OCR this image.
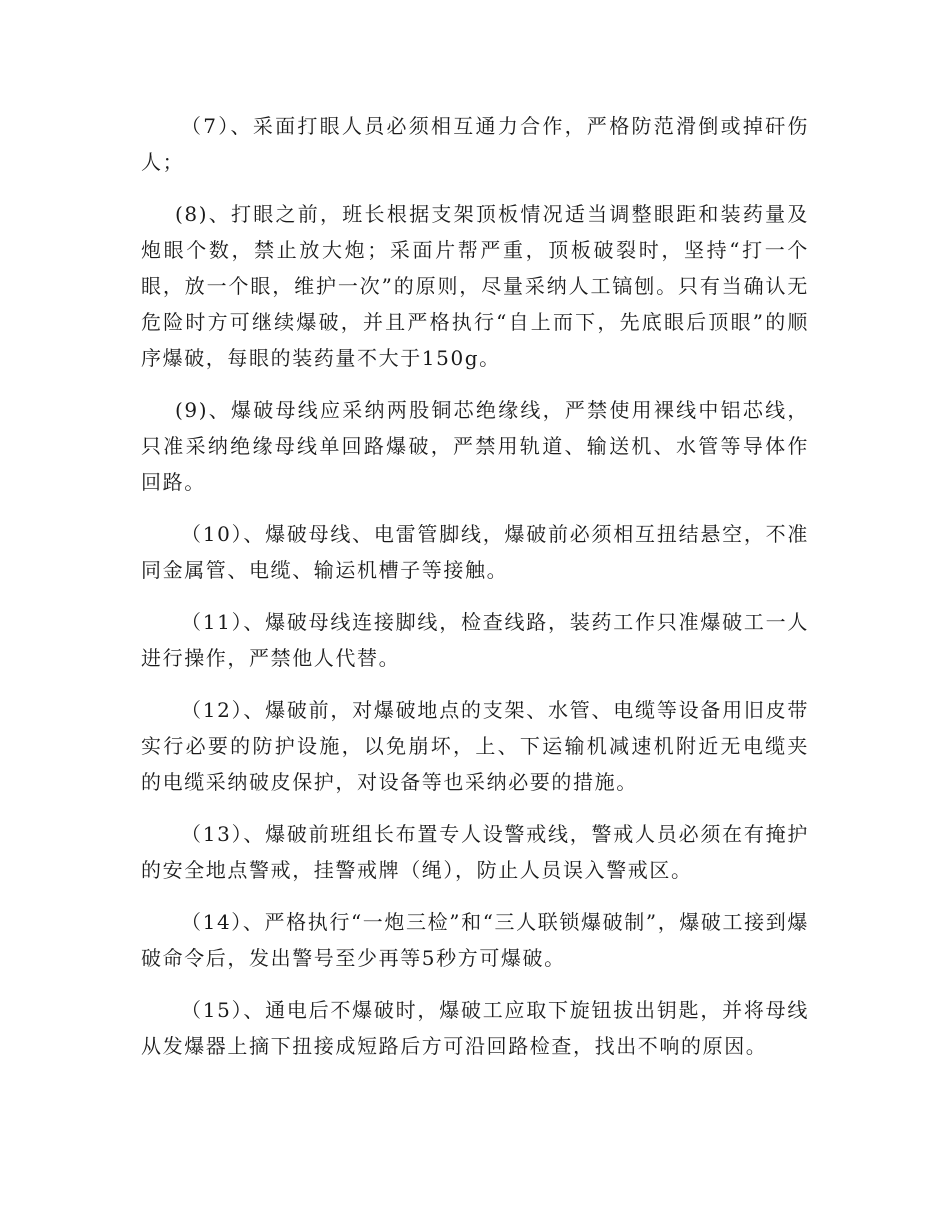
（7）、采面打眼人员必须相互通力合作，严格防范滑倒或掉矸伤人；

(8)、打眼之前，班长根据支架顶板情况适当调整眼距和装药量及炮眼个数，禁止放大炮；采面片帮严重，顶板破裂时，坚持“打一个眼，放一个眼，维护一次”的原则，尽量采纳人工镐刨。只有当确认无危险时方可继续爆破，并且严格执行“自上而下，先底眼后顶眼”的顺序爆破，每眼的装药量不大于150g。

(9)、爆破母线应采纳两股铜芯绝缘线，严禁使用裸线中铝芯线，只准采纳绝缘母线单回路爆破，严禁用轨道、输送机、水管等导体作回路。

（10）、爆破母线、电雷管脚线，爆破前必须相互扭结悬空，不准同金属管、电缆、输运机槽子等接触。

（11）、爆破母线连接脚线，检查线路，装药工作只准爆破工一人进行操作，严禁他人代替。

（12）、爆破前，对爆破地点的支架、水管、电缆等设备用旧皮带实行必要的防护设施，以免崩坏，上、下运输机减速机附近无电缆夹的电缆采纳破皮保护，对设备等也采纳必要的措施。

（13）、爆破前班组长布置专人设警戒线，警戒人员必须在有掩护的安全地点警戒，挂警戒牌（绳），防止人员误入警戒区。

（14）、严格执行“一炮三检”和“三人联锁爆破制”，爆破工接到爆破命令后，发出警号至少再等5秒方可爆破。

（15）、通电后不爆破时，爆破工应取下旋钮拔出钥匙，并将母线从发爆器上摘下扭接成短路后方可沿回路检查，找出不响的原因。
